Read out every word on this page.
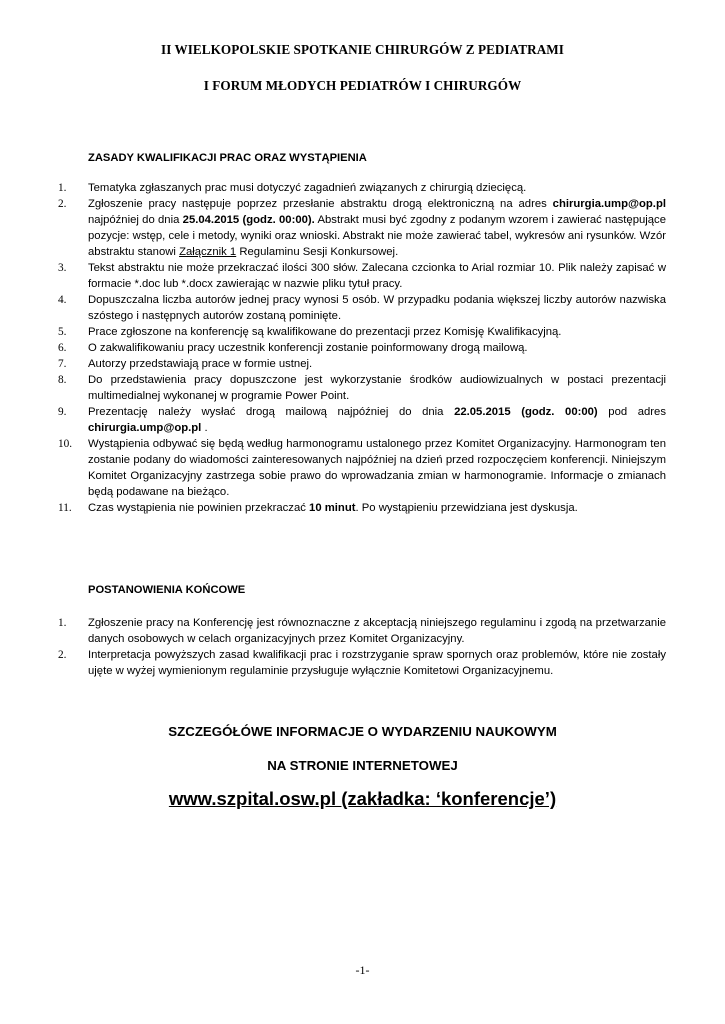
II WIELKOPOLSKIE SPOTKANIE CHIRURGÓW Z PEDIATRAMI
I FORUM MŁODYCH PEDIATRÓW I CHIRURGÓW
ZASADY KWALIFIKACJI PRAC ORAZ WYSTĄPIENIA
1.	Tematyka zgłaszanych prac musi dotyczyć zagadnień związanych z chirurgią dziecięcą.
2.	Zgłoszenie pracy następuje poprzez przesłanie abstraktu drogą elektroniczną na adres chirurgia.ump@op.pl najpóźniej do dnia 25.04.2015 (godz. 00:00). Abstrakt musi być zgodny z podanym wzorem i zawierać następujące pozycje: wstęp, cele i metody, wyniki oraz wnioski. Abstrakt nie może zawierać tabel, wykresów ani rysunków. Wzór abstraktu stanowi Załącznik 1 Regulaminu Sesji Konkursowej.
3.	Tekst abstraktu nie może przekraczać ilości 300 słów. Zalecana czcionka to Arial rozmiar 10. Plik należy zapisać w formacie *.doc lub *.docx zawierając w nazwie pliku tytuł pracy.
4.	Dopuszczalna liczba autorów jednej pracy wynosi 5 osób. W przypadku podania większej liczby autorów nazwiska szóstego i następnych autorów zostaną pominięte.
5.	Prace zgłoszone na konferencję są kwalifikowane do prezentacji przez Komisję Kwalifikacyjną.
6.	O zakwalifikowaniu pracy uczestnik konferencji zostanie poinformowany drogą mailową.
7.	Autorzy przedstawiają prace w formie ustnej.
8.	Do przedstawienia pracy dopuszczone jest wykorzystanie środków audiowizualnych w postaci prezentacji multimedialnej wykonanej w programie Power Point.
9.	Prezentację należy wysłać drogą mailową najpóźniej do dnia 22.05.2015 (godz. 00:00) pod adres chirurgia.ump@op.pl .
10.	Wystąpienia odbywać się będą według harmonogramu ustalonego przez Komitet Organizacyjny. Harmonogram ten zostanie podany do wiadomości zainteresowanych najpóźniej na dzień przed rozpoczęciem konferencji. Niniejszym Komitet Organizacyjny zastrzega sobie prawo do wprowadzania zmian w harmonogramie. Informacje o zmianach będą podawane na bieżąco.
11.	Czas wystąpienia nie powinien przekraczać 10 minut. Po wystąpieniu przewidziana jest dyskusja.
POSTANOWIENIA KOŃCOWE
1.	Zgłoszenie pracy na Konferencję jest równoznaczne z akceptacją niniejszego regulaminu i zgodą na przetwarzanie danych osobowych w celach organizacyjnych przez Komitet Organizacyjny.
2.	Interpretacja powyższych zasad kwalifikacji prac i rozstrzyganie spraw spornych oraz problemów, które nie zostały ujęte w wyżej wymienionym regulaminie przysługuje wyłącznie Komitetowi Organizacyjnemu.
SZCZEGÓŁÓWE INFORMACJE O WYDARZENIU NAUKOWYM
NA STRONIE INTERNETOWEJ
www.szpital.osw.pl (zakładka: ‘konferencje’)
-1-
